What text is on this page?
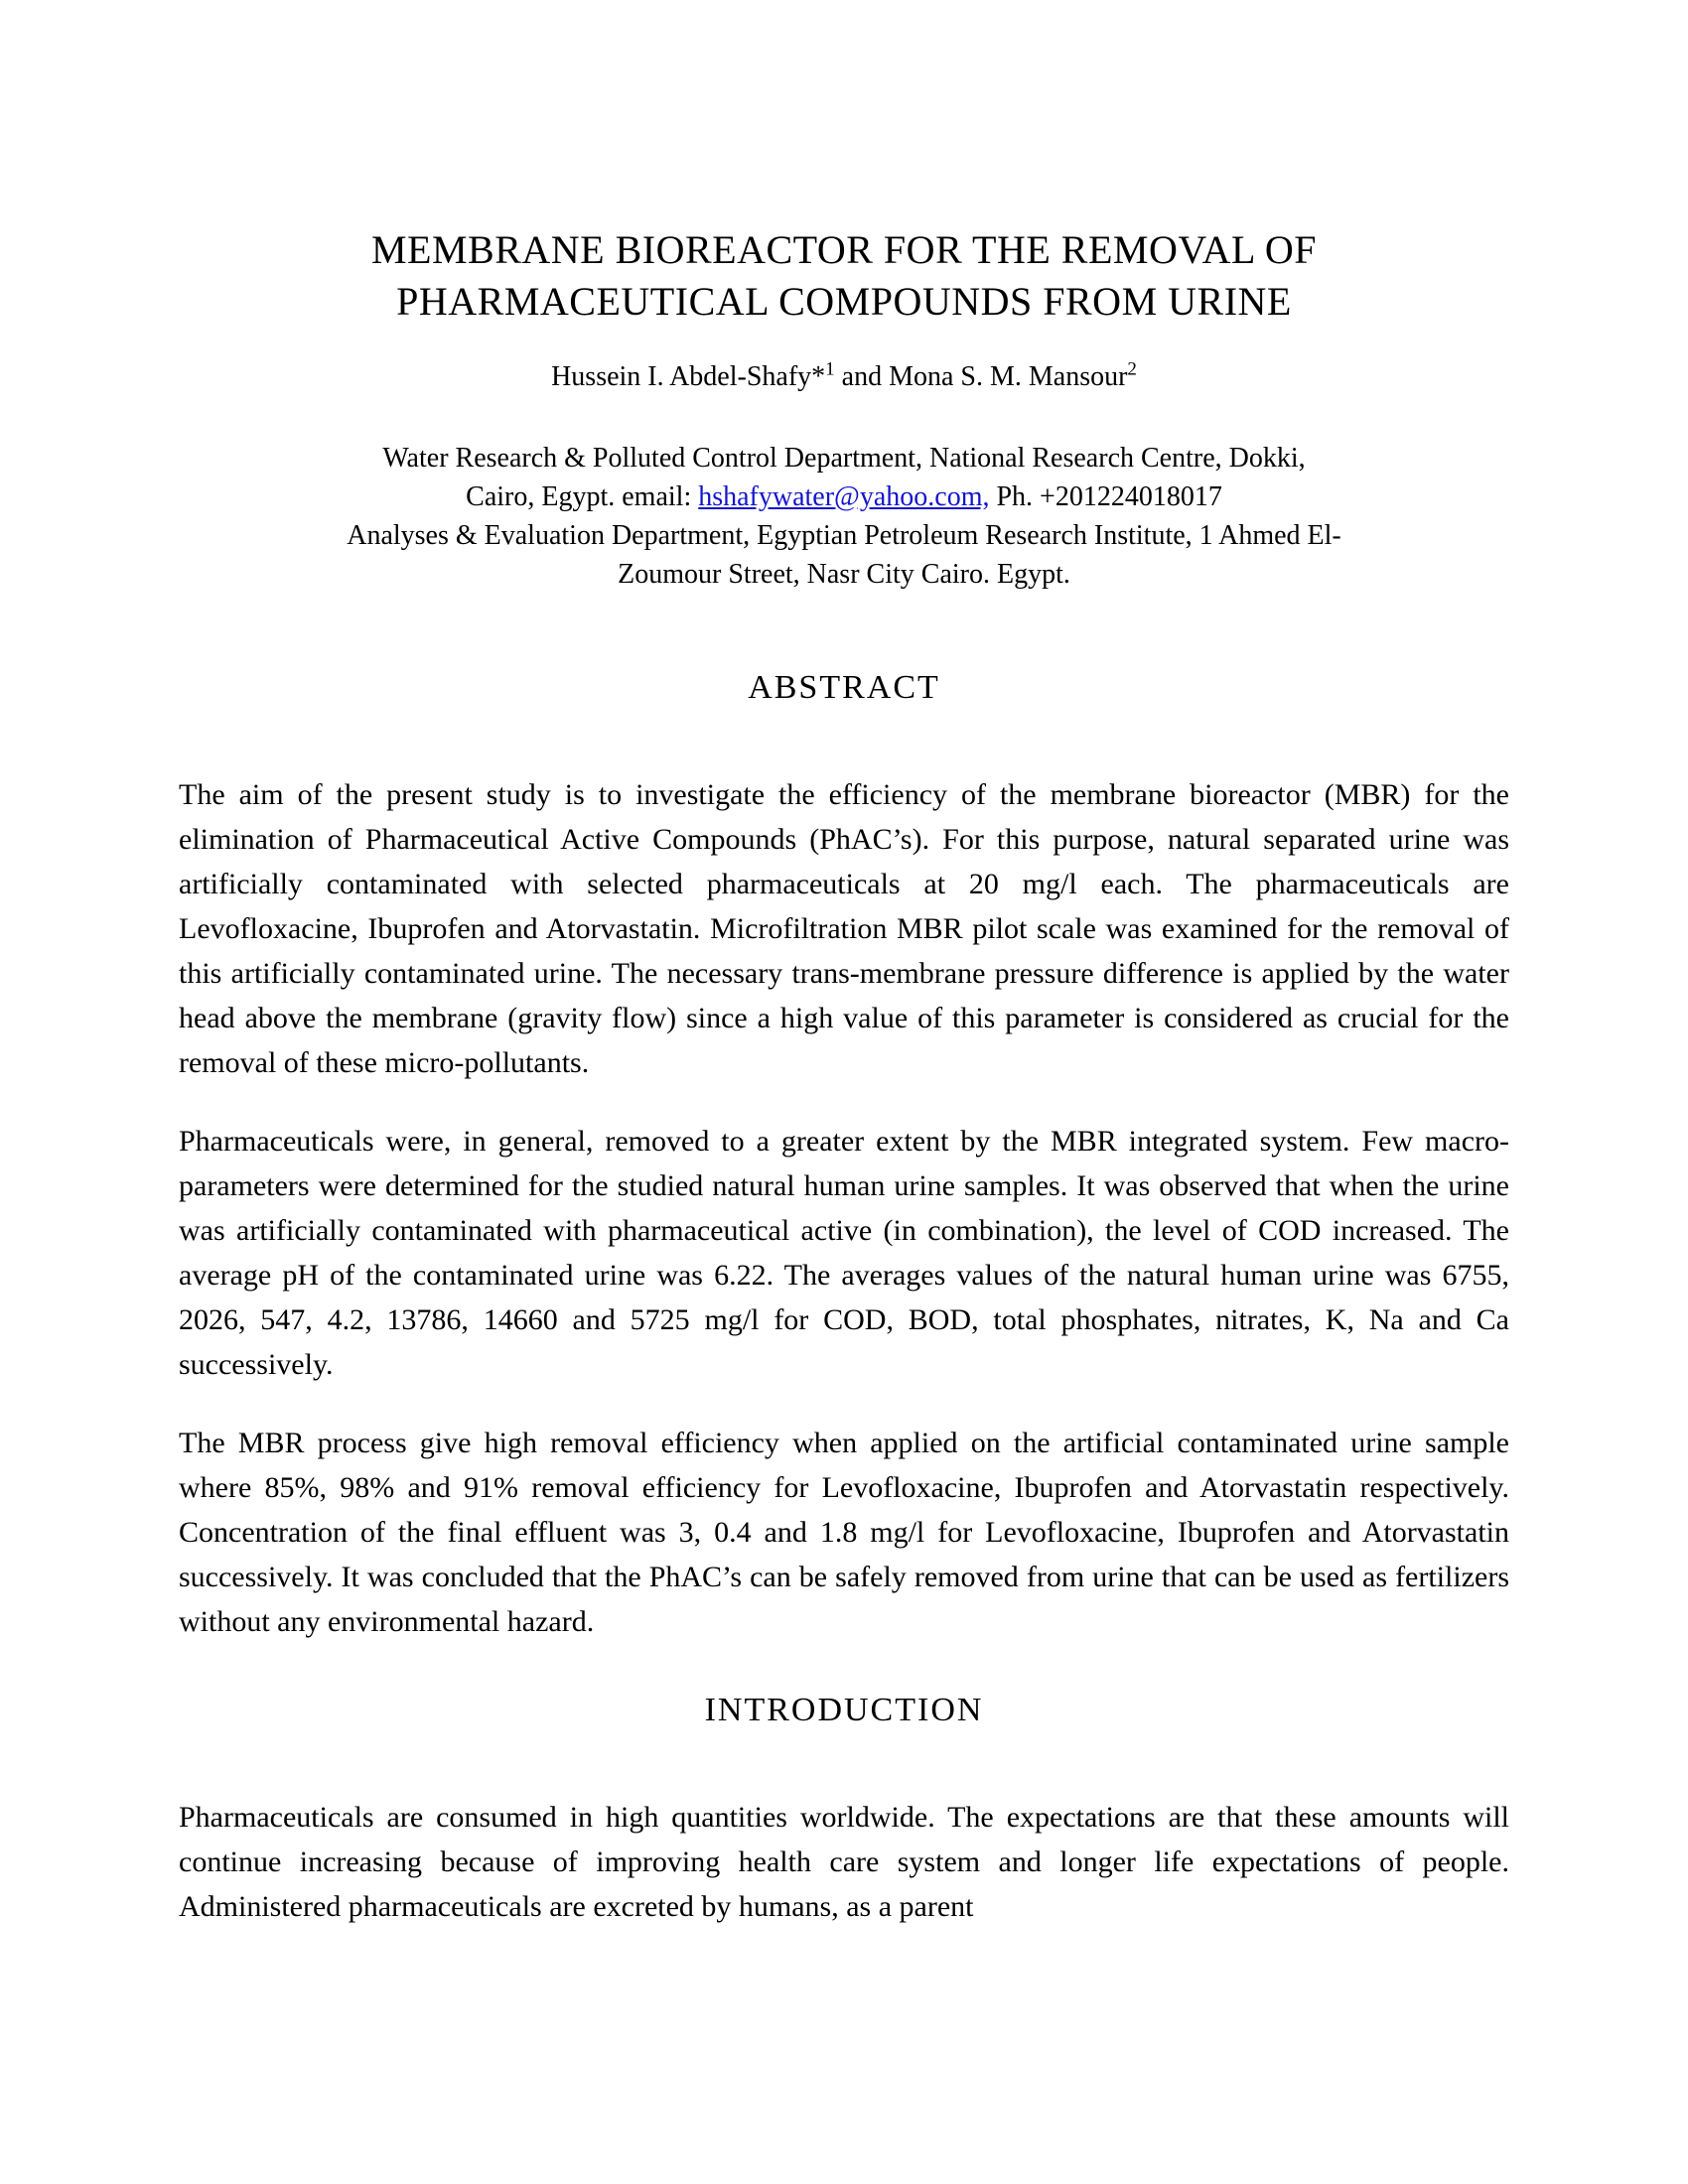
MEMBRANE BIOREACTOR FOR THE REMOVAL OF
PHARMACEUTICAL COMPOUNDS FROM URINE

Hussein I. Abdel-Shafy*$^1$ and Mona S. M. Mansour$^2$

Water Research & Polluted Control Department, National Research Centre, Dokki,
Cairo, Egypt. email: hshafywater@yahoo.com, Ph. +201224018017
Analyses & Evaluation Department, Egyptian Petroleum Research Institute, 1 Ahmed El-
Zoumour Street, Nasr City Cairo. Egypt.
ABSTRACT

The aim of the present study is to investigate the efficiency of the membrane bioreactor (MBR) for the elimination of Pharmaceutical Active Compounds (PhAC’s). For this purpose, natural separated urine was artificially contaminated with selected pharmaceuticals at 20 mg/l each. The pharmaceuticals are Levofloxacine, Ibuprofen and Atorvastatin. Microfiltration MBR pilot scale was examined for the removal of this artificially contaminated urine. The necessary trans-membrane pressure difference is applied by the water head above the membrane (gravity flow) since a high value of this parameter is considered as crucial for the removal of these micro-pollutants.

Pharmaceuticals were, in general, removed to a greater extent by the MBR integrated system. Few macro-parameters were determined for the studied natural human urine samples. It was observed that when the urine was artificially contaminated with pharmaceutical active (in combination), the level of COD increased. The average pH of the contaminated urine was 6.22. The averages values of the natural human urine was 6755, 2026, 547, 4.2, 13786, 14660 and 5725 mg/l for COD, BOD, total phosphates, nitrates, K, Na and Ca successively.

The MBR process give high removal efficiency when applied on the artificial contaminated urine sample where 85%, 98% and 91% removal efficiency for Levofloxacine, Ibuprofen and Atorvastatin respectively. Concentration of the final effluent was 3, 0.4 and 1.8 mg/l for Levofloxacine, Ibuprofen and Atorvastatin successively. It was concluded that the PhAC’s can be safely removed from urine that can be used as fertilizers without any environmental hazard.

INTRODUCTION

Pharmaceuticals are consumed in high quantities worldwide. The expectations are that these amounts will continue increasing because of improving health care system and longer life expectations of people. Administered pharmaceuticals are excreted by humans, as a parent
